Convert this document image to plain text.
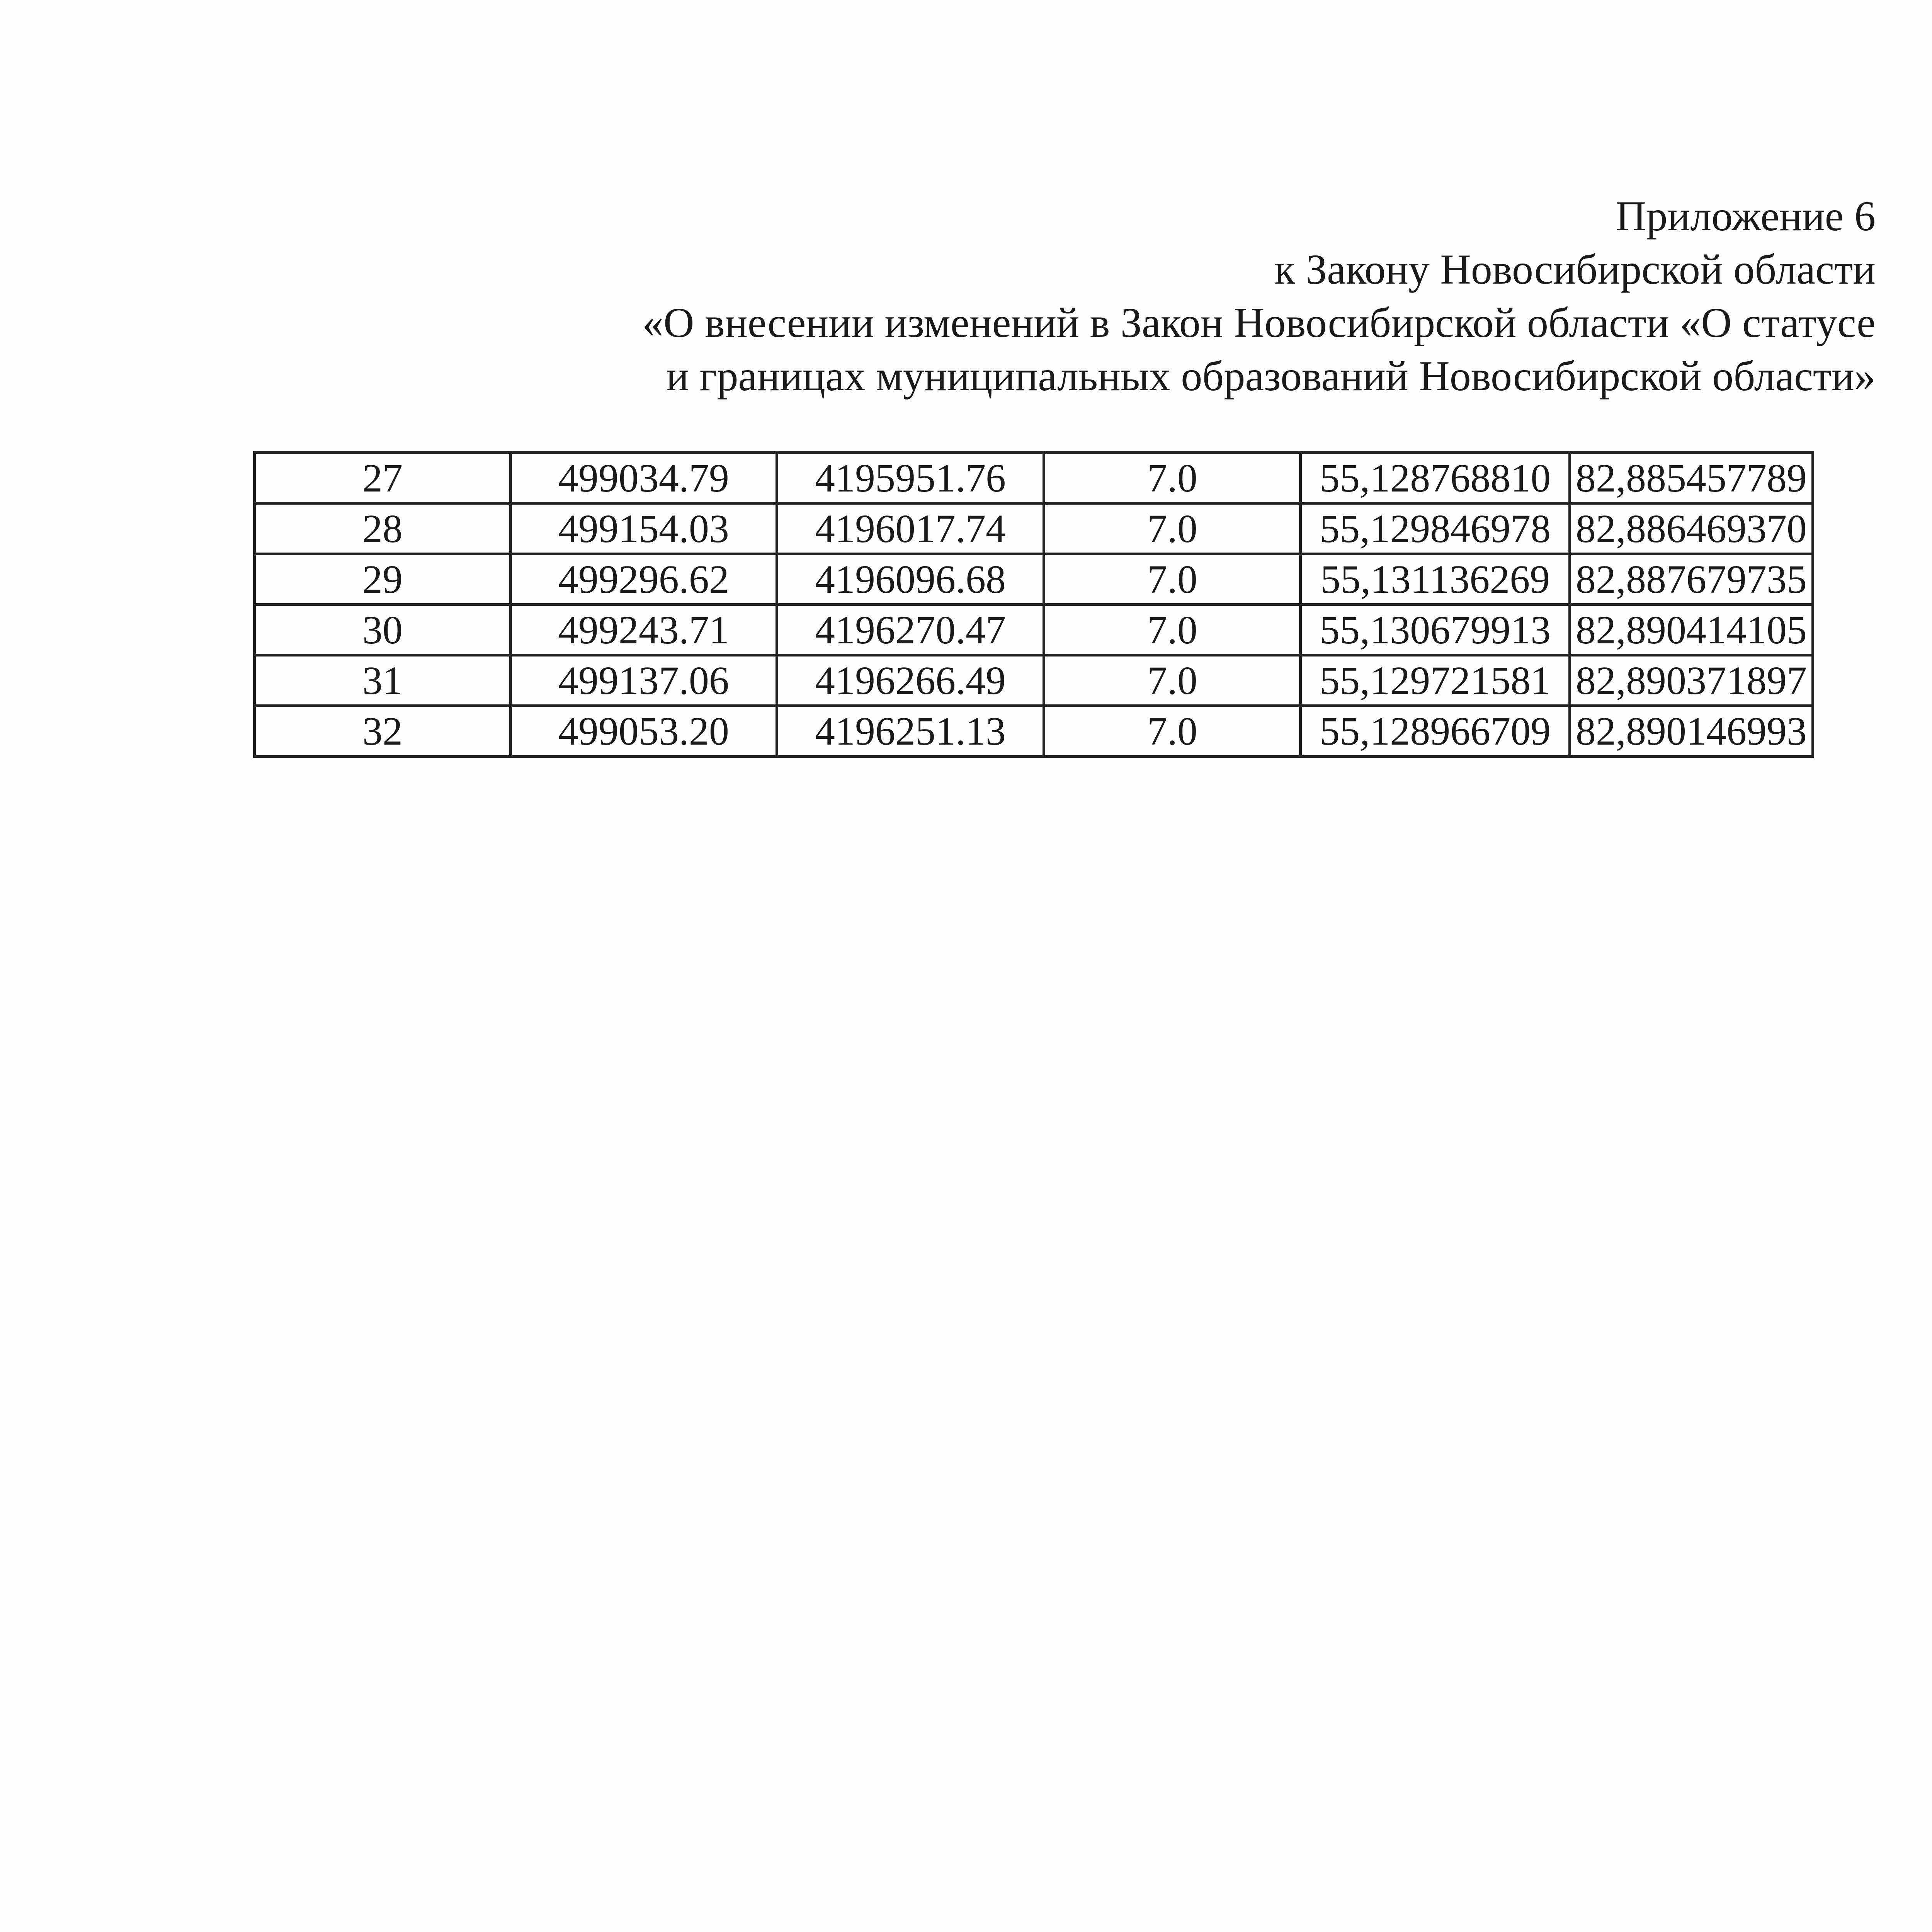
Приложение 6
к Закону Новосибирской области
«О внесении изменений в Закон Новосибирской области «О статусе
и границах муниципальных образований Новосибирской области»
27	499034.79	4195951.76	7.0	55,128768810	82,885457789
28	499154.03	4196017.74	7.0	55,129846978	82,886469370
29	499296.62	4196096.68	7.0	55,131136269	82,887679735
30	499243.71	4196270.47	7.0	55,130679913	82,890414105
31	499137.06	4196266.49	7.0	55,129721581	82,890371897
32	499053.20	4196251.13	7.0	55,128966709	82,890146993
